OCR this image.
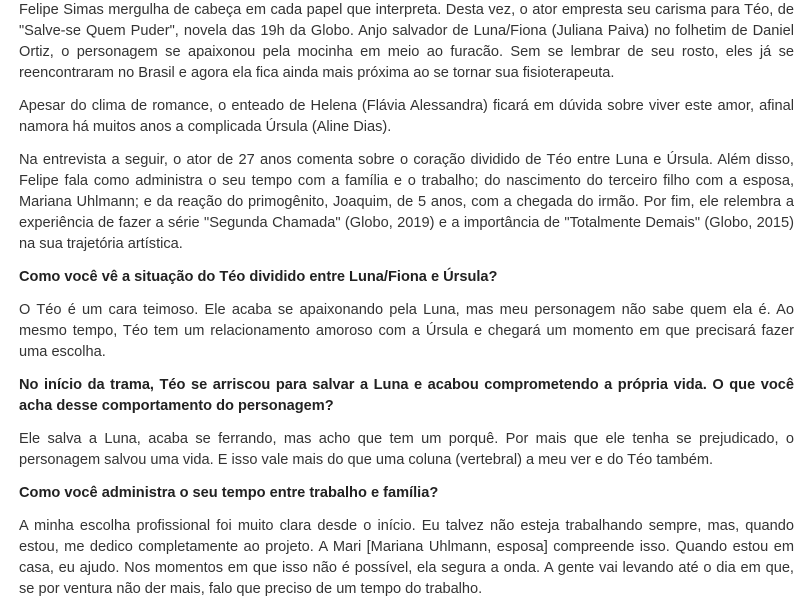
Felipe Simas mergulha de cabeça em cada papel que interpreta. Desta vez, o ator empresta seu carisma para Téo, de "Salve-se Quem Puder", novela das 19h da Globo. Anjo salvador de Luna/Fiona (Juliana Paiva) no folhetim de Daniel Ortiz, o personagem se apaixonou pela mocinha em meio ao furacão. Sem se lembrar de seu rosto, eles já se reencontraram no Brasil e agora ela fica ainda mais próxima ao se tornar sua fisioterapeuta.

Apesar do clima de romance, o enteado de Helena (Flávia Alessandra) ficará em dúvida sobre viver este amor, afinal namora há muitos anos a complicada Úrsula (Aline Dias).

Na entrevista a seguir, o ator de 27 anos comenta sobre o coração dividido de Téo entre Luna e Úrsula. Além disso, Felipe fala como administra o seu tempo com a família e o trabalho; do nascimento do terceiro filho com a esposa, Mariana Uhlmann; e da reação do primogênito, Joaquim, de 5 anos, com a chegada do irmão. Por fim, ele relembra a experiência de fazer a série "Segunda Chamada" (Globo, 2019) e a importância de "Totalmente Demais" (Globo, 2015) na sua trajetória artística.

Como você vê a situação do Téo dividido entre Luna/Fiona e Úrsula?

O Téo é um cara teimoso. Ele acaba se apaixonando pela Luna, mas meu personagem não sabe quem ela é. Ao mesmo tempo, Téo tem um relacionamento amoroso com a Úrsula e chegará um momento em que precisará fazer uma escolha.

No início da trama, Téo se arriscou para salvar a Luna e acabou comprometendo a própria vida. O que você acha desse comportamento do personagem?

Ele salva a Luna, acaba se ferrando, mas acho que tem um porquê. Por mais que ele tenha se prejudicado, o personagem salvou uma vida. E isso vale mais do que uma coluna (vertebral) a meu ver e do Téo também.

Como você administra o seu tempo entre trabalho e família?

A minha escolha profissional foi muito clara desde o início. Eu talvez não esteja trabalhando sempre, mas, quando estou, me dedico completamente ao projeto. A Mari [Mariana Uhlmann, esposa] compreende isso. Quando estou em casa, eu ajudo. Nos momentos em que isso não é possível, ela segura a onda. A gente vai levando até o dia em que, se por ventura não der mais, falo que preciso de um tempo do trabalho.
